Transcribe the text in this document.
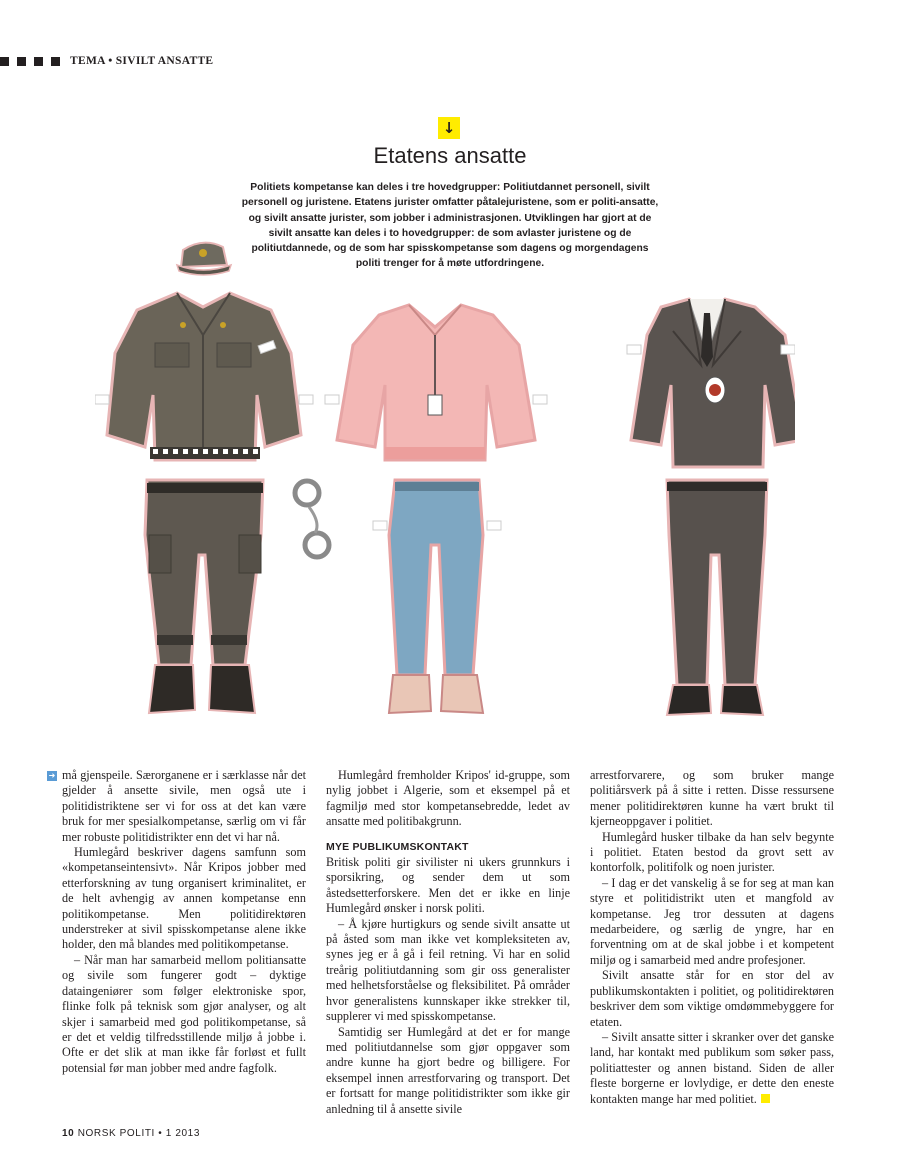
TEMA • SIVILT ANSATTE
↓
Etatens ansatte
Politiets kompetanse kan deles i tre hovedgrupper: Politiutdannet personell, sivilt personell og juristene. Etatens jurister omfatter påtalejuristene, som er politi-ansatte, og sivilt ansatte jurister, som jobber i administrasjonen. Utviklingen har gjort at de sivilt ansatte kan deles i to hovedgrupper: de som avlaster juristene og de politiutdannede, og de som har spisskompetanse som dagens og morgendagens politi trenger for å møte utfordringene.
➜ må gjenspeile. Særorganene er i særklasse når det gjelder å ansette sivile, men også ute i politidistriktene ser vi for oss at det kan være bruk for mer spesialkompetanse, særlig om vi får mer robuste politidistrikter enn det vi har nå.

Humlegård beskriver dagens samfunn som «kompetanseintensivt». Når Kripos jobber med etterforskning av tung organisert kriminalitet, er de helt avhengig av annen kompetanse enn politikompetanse. Men politidirektøren understreker at sivil spisskompetanse alene ikke holder, den må blandes med politikompetanse.

– Når man har samarbeid mellom politiansatte og sivile som fungerer godt – dyktige dataingeniører som følger elektroniske spor, flinke folk på teknisk som gjør analyser, og alt skjer i samarbeid med god politikompetanse, så er det et veldig tilfredsstillende miljø å jobbe i. Ofte er det slik at man ikke får forløst et fullt potensial før man jobber med andre fagfolk.

Humlegård fremholder Kripos' id-gruppe, som nylig jobbet i Algerie, som et eksempel på et fagmiljø med stor kompetansebredde, ledet av ansatte med politibakgrunn.

MYE PUBLIKUMSKONTAKT

Britisk politi gir sivilister ni ukers grunnkurs i sporsikring, og sender dem ut som åstedsetterforskere. Men det er ikke en linje Humlegård ønsker i norsk politi.

– Å kjøre hurtigkurs og sende sivilt ansatte ut på åsted som man ikke vet kompleksiteten av, synes jeg er å gå i feil retning. Vi har en solid treårig politiutdanning som gir oss generalister med helhetsforståelse og fleksibilitet. På områder hvor generalistens kunnskaper ikke strekker til, supplerer vi med spisskompetanse.

Samtidig ser Humlegård at det er for mange med politiutdannelse som gjør oppgaver som andre kunne ha gjort bedre og billigere. For eksempel innen arrestforvaring og transport. Det er fortsatt for mange politidistrikter som ikke gir anledning til å ansette sivile

arrestforvarere, og som bruker mange politiårsverk på å sitte i retten. Disse ressursene mener politidirektøren kunne ha vært brukt til kjerneoppgaver i politiet.

Humlegård husker tilbake da han selv begynte i politiet. Etaten bestod da grovt sett av kontorfolk, politifolk og noen jurister.

– I dag er det vanskelig å se for seg at man kan styre et politidistrikt uten et mangfold av kompetanse. Jeg tror dessuten at dagens medarbeidere, og særlig de yngre, har en forventning om at de skal jobbe i et kompetent miljø og i samarbeid med andre profesjoner.

Sivilt ansatte står for en stor del av publikumskontakten i politiet, og politidirektøren beskriver dem som viktige omdømmebyggere for etaten.

– Sivilt ansatte sitter i skranker over det ganske land, har kontakt med publikum som søker pass, politiattester og annen bistand. Siden de aller fleste borgerne er lovlydige, er dette den eneste kontakten mange har med politiet.

10 NORSK POLITI • 1 2013
